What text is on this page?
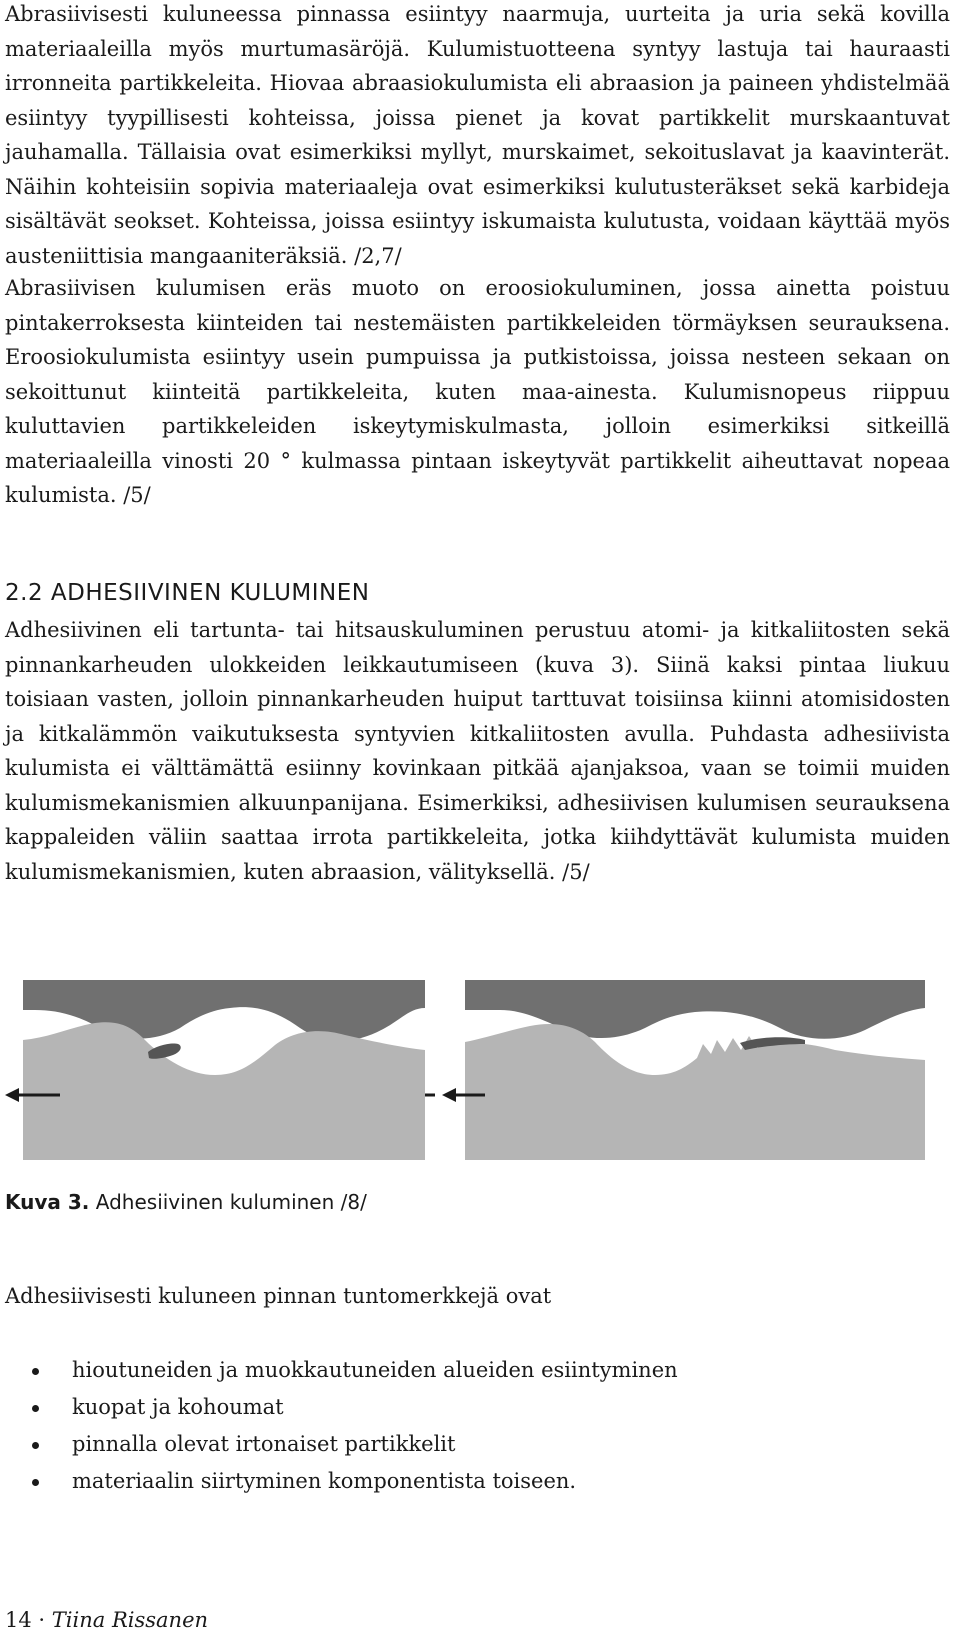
Abrasiivisesti kuluneessa pinnassa esiintyy naarmuja, uurteita ja uria sekä kovilla materiaaleilla myös murtumasäröjä. Kulumistuotteena syntyy lastuja tai hauraasti irronneita partikkeleita. Hiovaa abraasiokulumista eli abraasion ja paineen yhdistelmää esiintyy tyypillisesti kohteissa, joissa pienet ja kovat partikkelit murskaantuvat jauhamalla. Tällaisia ovat esimerkiksi myllyt, murskaimet, sekoituslavat ja kaavinterät. Näihin kohteisiin sopivia materiaaleja ovat esimerkiksi kulutusteräkset sekä karbideja sisältävät seokset. Kohteissa, joissa esiintyy iskumaista kulutusta, voidaan käyttää myös austeniittisia mangaaniteräksiä. /2,7/

Abrasiivisen kulumisen eräs muoto on eroosiokuluminen, jossa ainetta poistuu pintakerroksesta kiinteiden tai nestemäisten partikkeleiden törmäyksen seurauksena. Eroosiokulumista esiintyy usein pumpuissa ja putkistoissa, joissa nesteen sekaan on sekoittunut kiinteitä partikkeleita, kuten maa-ainesta. Kulumisnopeus riippuu kuluttavien partikkeleiden iskeytymiskulmasta, jolloin esimerkiksi sitkeillä materiaaleilla vinosti 20 ° kulmassa pintaan iskeytyvät partikkelit aiheuttavat nopeaa kulumista. /5/

2.2 ADHESIIVINEN KULUMINEN

Adhesiivinen eli tartunta- tai hitsauskuluminen perustuu atomi- ja kitkaliitosten sekä pinnankarheuden ulokkeiden leikkautumiseen (kuva 3). Siinä kaksi pintaa liukuu toisiaan vasten, jolloin pinnankarheuden huiput tarttuvat toisiinsa kiinni atomisidosten ja kitkalämmön vaikutuksesta syntyvien kitkaliitosten avulla. Puhdasta adhesiivista kulumista ei välttämättä esiinny kovinkaan pitkää ajanjaksoa, vaan se toimii muiden kulumismekanismien alkuunpanijana. Esimerkiksi, adhesiivisen kulumisen seurauksena kappaleiden väliin saattaa irrota partikkeleita, jotka kiihdyttävät kulumista muiden kulumismekanismien, kuten abraasion, välityksellä. /5/

Kuva 3. Adhesiivinen kuluminen /8/
Adhesiivisesti kuluneen pinnan tuntomerkkejä ovat
hioutuneiden ja muokkautuneiden alueiden esiintyminen
kuopat ja kohoumat
pinnalla olevat irtonaiset partikkelit
materiaalin siirtyminen komponentista toiseen.
14 · Tiina Rissanen
